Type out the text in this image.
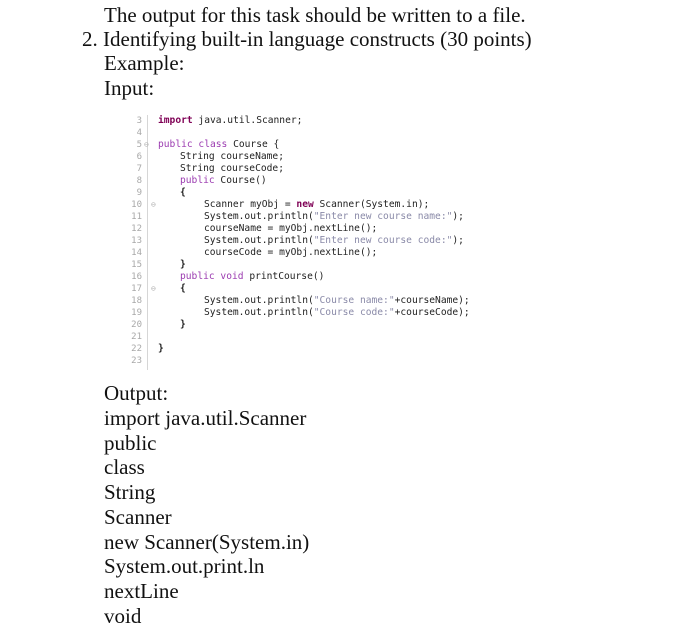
The output for this task should be written to a file.
2. Identifying built-in language constructs (30 points)
Example:
Input:
3
4
5
6
7
8
9
10
11
12
13
14
15
16
17
18
19
20
21
22
23
⊖
⊖
⊖
import java.util.Scanner;
public class Course {
String courseName;
String courseCode;
public Course()
{
Scanner myObj = new Scanner(System.in);
System.out.println("Enter new course name:");
courseName = myObj.nextLine();
System.out.println("Enter new course code:");
courseCode = myObj.nextLine();
}
public void printCourse()
{
System.out.println("Course name:"+courseName);
System.out.println("Course code:"+courseCode);
}
}
Output:
import java.util.Scanner
public
class
String
Scanner
new Scanner(System.in)
System.out.print.ln
nextLine
void
